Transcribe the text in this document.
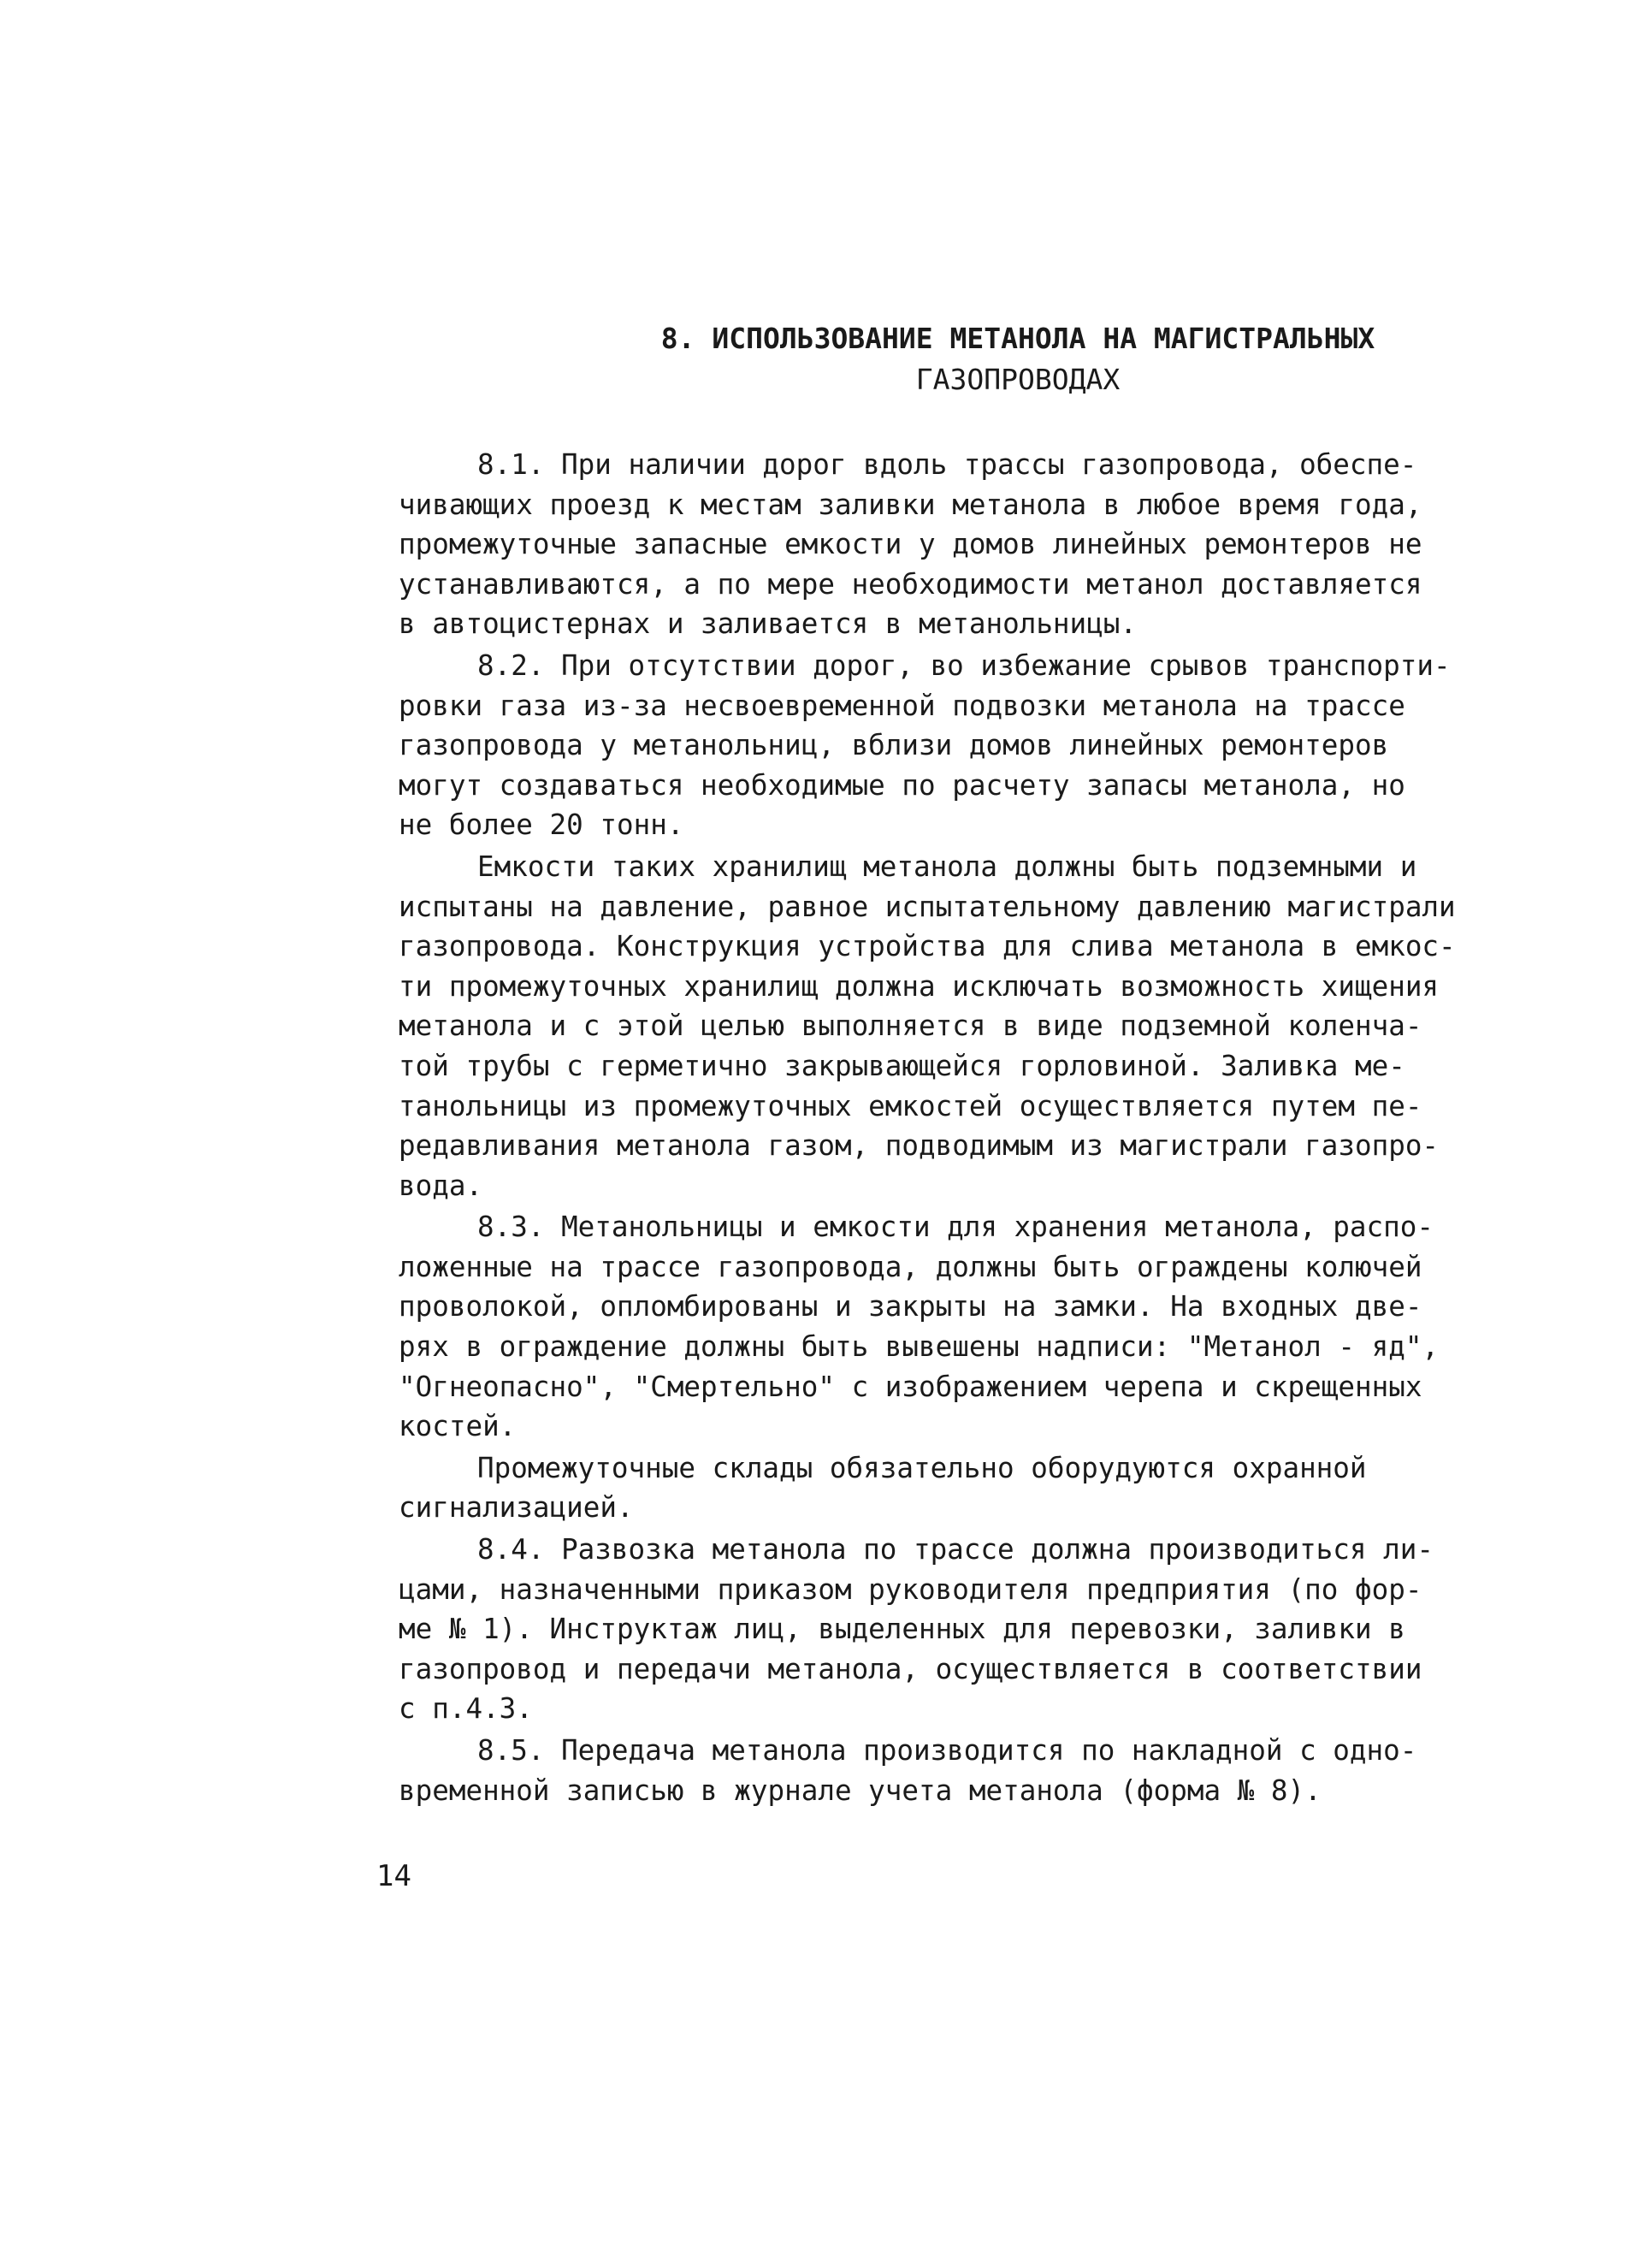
8. ИСПОЛЬЗОВАНИЕ МЕТАНОЛА НА МАГИСТРАЛЬНЫХ
ГАЗОПРОВОДАХ
8.1. При наличии дорог вдоль трассы газопровода, обеспе-
чивающих проезд к местам заливки метанола в любое время года,
промежуточные запасные емкости у домов линейных ремонтеров не
устанавливаются, а по мере необходимости метанол доставляется
в автоцистернах и заливается в метанольницы.
8.2. При отсутствии дорог, во избежание срывов транспорти-
ровки газа из-за несвоевременной подвозки метанола на трассе
газопровода у метанольниц, вблизи домов линейных ремонтеров
могут создаваться необходимые по расчету запасы метанола, но
не более 20 тонн.
Емкости таких хранилищ метанола должны быть подземными и
испытаны на давление, равное испытательному давлению магистрали
газопровода. Конструкция устройства для слива метанола в емкос-
ти промежуточных хранилищ должна исключать возможность хищения
метанола и с этой целью выполняется в виде подземной коленча-
той трубы с герметично закрывающейся горловиной. Заливка ме-
танольницы из промежуточных емкостей осуществляется путем пе-
редавливания метанола газом, подводимым из магистрали газопро-
вода.
8.3. Метанольницы и емкости для хранения метанола, распо-
ложенные на трассе газопровода, должны быть ограждены колючей
проволокой, опломбированы и закрыты на замки. На входных две-
рях в ограждение должны быть вывешены надписи: "Метанол - яд",
"Огнеопасно", "Смертельно" с изображением черепа и скрещенных
костей.
Промежуточные склады обязательно оборудуются охранной
сигнализацией.
8.4. Развозка метанола по трассе должна производиться ли-
цами, назначенными приказом руководителя предприятия (по фор-
ме № 1). Инструктаж лиц, выделенных для перевозки, заливки в
газопровод и передачи метанола, осуществляется в соответствии
с п.4.3.
8.5. Передача метанола производится по накладной с одно-
временной записью в журнале учета метанола (форма № 8).
14
